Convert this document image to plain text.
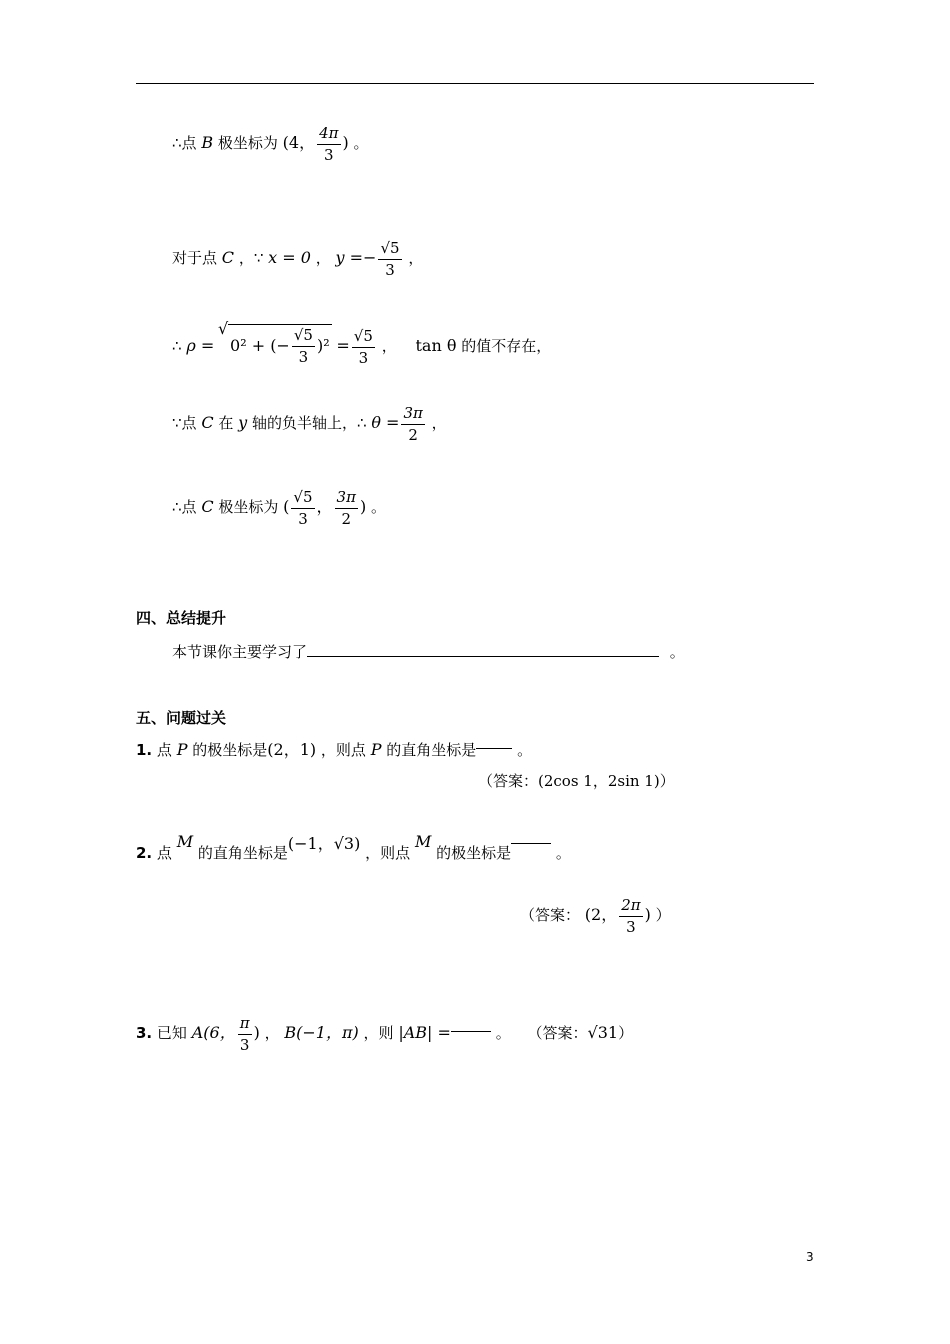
∴点 B 极坐标为 (4， $\frac{4\pi}{3}$ ) 。
对于点 C ，∵ x = 0 ， $y =- \frac{√5}{3}$ ，
∴ ρ =
√ 0² + (− $\frac{√5}{3} )^2 = \frac{√5}{3}$ ， tan θ 的值不存在，
∵点 C 在 y 轴的负半轴上，∴ $\theta = \frac{3\pi}{2}$ ，
∴点 C 极坐标为 ( $\frac{√5}{3}$ ， $\frac{3\pi}{2}$ ) 。
四、总结提升
本节课你主要学习了	。
五、问题过关
1. 点 P 的极坐标是(2，1) ，则点 P 的直角坐标是	。
（答案：(2cos 1，2sin 1)）
2. 点 M 的直角坐标是(−1，√3) ，则点 M 的极坐标是	。
（答案： (2， $\frac{2\pi}{3}$ ) ）
3. 已知 A(6， $\frac{\pi}{3}$ ) ， B(−1，π) ，则 |AB| =	。 （答案：√31）
3
